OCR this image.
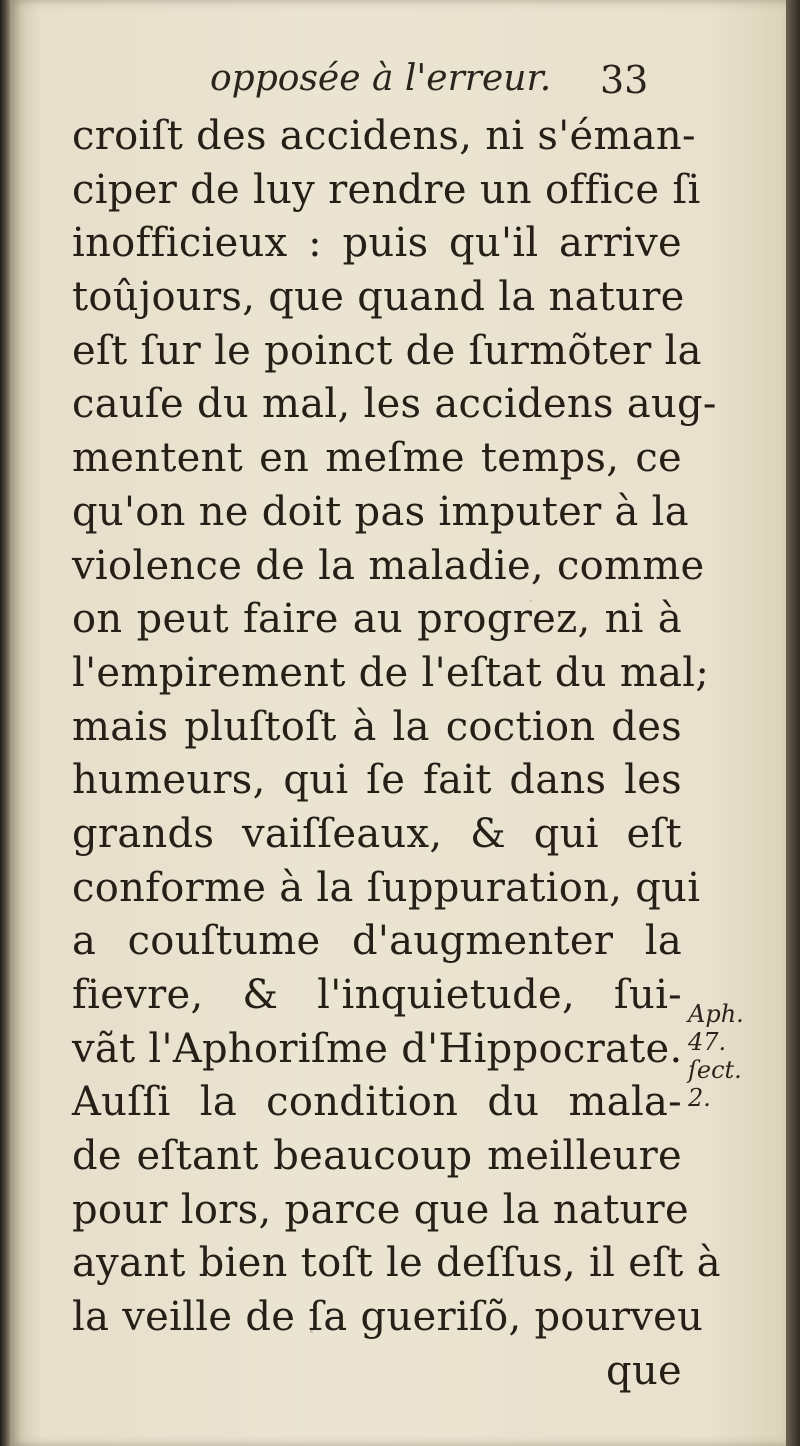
opposée à l'erreur.	33
croiſt des accidens, ni s'éman-
ciper de luy rendre un office ſi
inofficieux : puis qu'il arrive
toûjours, que quand la nature
eſt ſur le poinct de ſurmõter la
cauſe du mal, les accidens aug-
mentent en meſme temps, ce
qu'on ne doit pas imputer à la
violence de la maladie, comme
on peut faire au progrez, ni à
l'empirement de l'eſtat du mal;
mais pluſtoſt à la coction des
humeurs, qui ſe fait dans les
grands vaiſſeaux, & qui eſt
conforme à la ſuppuration, qui
a couſtume d'augmenter la
fievre, & l'inquietude, ſui-
vãt l'Aphoriſme d'Hippocrate.
Auſſi la condition du mala-
de eſtant beaucoup meilleure
pour lors, parce que la nature
ayant bien toſt le deſſus, il eſt à
la veille de ſa gueriſõ, pourveu
que
Aph.
47.
ſect.
2.
